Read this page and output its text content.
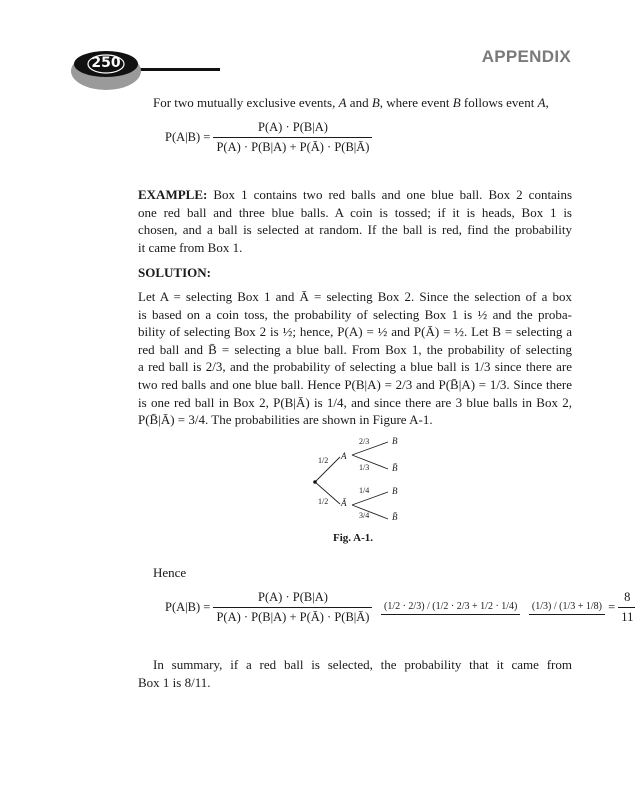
250	APPENDIX
For two mutually exclusive events, A and B, where event B follows event A,
$P(A|B) = \frac{P(A) \cdot P(B|A)}{P(A) \cdot P(B|A) + P(Ā) \cdot P(B|Ā)}$
EXAMPLE: Box 1 contains two red balls and one blue ball. Box 2 contains
one red ball and three blue balls. A coin is tossed; if it is heads, Box 1 is
chosen, and a ball is selected at random. If the ball is red, find the probability
it came from Box 1.
SOLUTION:
Let A = selecting Box 1 and Ā = selecting Box 2. Since the selection of a box
is based on a coin toss, the probability of selecting Box 1 is ½ and the proba-
bility of selecting Box 2 is ½; hence, P(A) = ½ and P(Ā) = ½. Let B = selecting a
red ball and B̄ = selecting a blue ball. From Box 1, the probability of selecting
a red ball is 2/3, and the probability of selecting a blue ball is 1/3 since there are
two red balls and one blue ball. Hence P(B|A) = 2/3 and P(B̄|A) = 1/3. Since there
is one red ball in Box 2, P(B|Ā) is 1/4, and since there are 3 blue balls in Box 2,
P(B̄|Ā) = 3/4. The probabilities are shown in Figure A-1.
A
Ā
B
B̄
B
B̄
1/2
1/2
2/3
1/3
1/4
3/4
Fig. A-1.
Hence
$P(A|B) = \frac{P(A) \cdot P(B|A)}{P(A) \cdot P(B|A) + P(Ā) \cdot P(B|Ā)}$
	(1/2 · 2/3) / (1/2 · 2/3 + 1/2 · 1/4)
	$(1/3) / (1/3 + 1/8) = \frac{8}{11}$
In summary, if a red ball is selected, the probability that it came from
Box 1 is 8/11.
